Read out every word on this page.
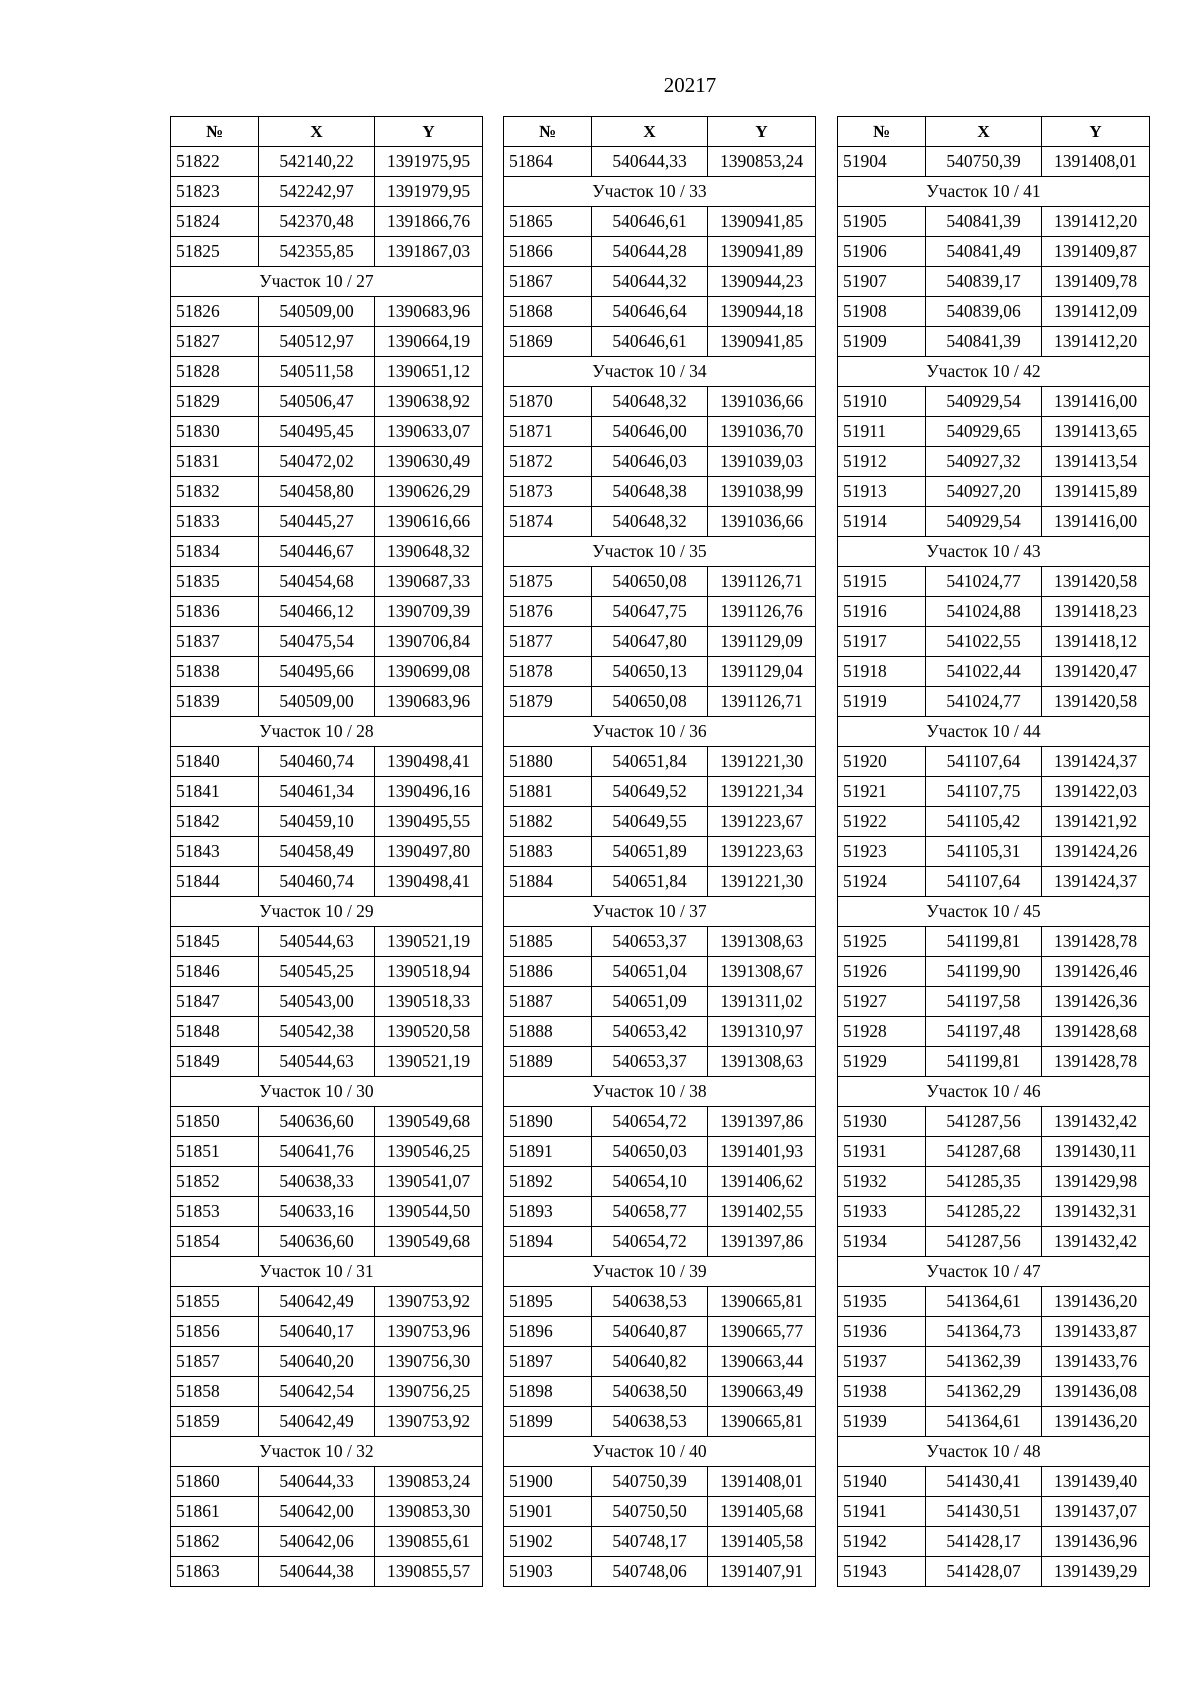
20217
№	X	Y
51822	542140,22	1391975,95
51823	542242,97	1391979,95
51824	542370,48	1391866,76
51825	542355,85	1391867,03
	Участок 10 / 27	
51826	540509,00	1390683,96
51827	540512,97	1390664,19
51828	540511,58	1390651,12
51829	540506,47	1390638,92
51830	540495,45	1390633,07
51831	540472,02	1390630,49
51832	540458,80	1390626,29
51833	540445,27	1390616,66
51834	540446,67	1390648,32
51835	540454,68	1390687,33
51836	540466,12	1390709,39
51837	540475,54	1390706,84
51838	540495,66	1390699,08
51839	540509,00	1390683,96
	Участок 10 / 28	
51840	540460,74	1390498,41
51841	540461,34	1390496,16
51842	540459,10	1390495,55
51843	540458,49	1390497,80
51844	540460,74	1390498,41
	Участок 10 / 29	
51845	540544,63	1390521,19
51846	540545,25	1390518,94
51847	540543,00	1390518,33
51848	540542,38	1390520,58
51849	540544,63	1390521,19
	Участок 10 / 30	
51850	540636,60	1390549,68
51851	540641,76	1390546,25
51852	540638,33	1390541,07
51853	540633,16	1390544,50
51854	540636,60	1390549,68
	Участок 10 / 31	
51855	540642,49	1390753,92
51856	540640,17	1390753,96
51857	540640,20	1390756,30
51858	540642,54	1390756,25
51859	540642,49	1390753,92
	Участок 10 / 32	
51860	540644,33	1390853,24
51861	540642,00	1390853,30
51862	540642,06	1390855,61
51863	540644,38	1390855,57
№	X	Y
51864	540644,33	1390853,24
	Участок 10 / 33	
51865	540646,61	1390941,85
51866	540644,28	1390941,89
51867	540644,32	1390944,23
51868	540646,64	1390944,18
51869	540646,61	1390941,85
	Участок 10 / 34	
51870	540648,32	1391036,66
51871	540646,00	1391036,70
51872	540646,03	1391039,03
51873	540648,38	1391038,99
51874	540648,32	1391036,66
	Участок 10 / 35	
51875	540650,08	1391126,71
51876	540647,75	1391126,76
51877	540647,80	1391129,09
51878	540650,13	1391129,04
51879	540650,08	1391126,71
	Участок 10 / 36	
51880	540651,84	1391221,30
51881	540649,52	1391221,34
51882	540649,55	1391223,67
51883	540651,89	1391223,63
51884	540651,84	1391221,30
	Участок 10 / 37	
51885	540653,37	1391308,63
51886	540651,04	1391308,67
51887	540651,09	1391311,02
51888	540653,42	1391310,97
51889	540653,37	1391308,63
	Участок 10 / 38	
51890	540654,72	1391397,86
51891	540650,03	1391401,93
51892	540654,10	1391406,62
51893	540658,77	1391402,55
51894	540654,72	1391397,86
	Участок 10 / 39	
51895	540638,53	1390665,81
51896	540640,87	1390665,77
51897	540640,82	1390663,44
51898	540638,50	1390663,49
51899	540638,53	1390665,81
	Участок 10 / 40	
51900	540750,39	1391408,01
51901	540750,50	1391405,68
51902	540748,17	1391405,58
51903	540748,06	1391407,91
№	X	Y
51904	540750,39	1391408,01
	Участок 10 / 41	
51905	540841,39	1391412,20
51906	540841,49	1391409,87
51907	540839,17	1391409,78
51908	540839,06	1391412,09
51909	540841,39	1391412,20
	Участок 10 / 42	
51910	540929,54	1391416,00
51911	540929,65	1391413,65
51912	540927,32	1391413,54
51913	540927,20	1391415,89
51914	540929,54	1391416,00
	Участок 10 / 43	
51915	541024,77	1391420,58
51916	541024,88	1391418,23
51917	541022,55	1391418,12
51918	541022,44	1391420,47
51919	541024,77	1391420,58
	Участок 10 / 44	
51920	541107,64	1391424,37
51921	541107,75	1391422,03
51922	541105,42	1391421,92
51923	541105,31	1391424,26
51924	541107,64	1391424,37
	Участок 10 / 45	
51925	541199,81	1391428,78
51926	541199,90	1391426,46
51927	541197,58	1391426,36
51928	541197,48	1391428,68
51929	541199,81	1391428,78
	Участок 10 / 46	
51930	541287,56	1391432,42
51931	541287,68	1391430,11
51932	541285,35	1391429,98
51933	541285,22	1391432,31
51934	541287,56	1391432,42
	Участок 10 / 47	
51935	541364,61	1391436,20
51936	541364,73	1391433,87
51937	541362,39	1391433,76
51938	541362,29	1391436,08
51939	541364,61	1391436,20
	Участок 10 / 48	
51940	541430,41	1391439,40
51941	541430,51	1391437,07
51942	541428,17	1391436,96
51943	541428,07	1391439,29
